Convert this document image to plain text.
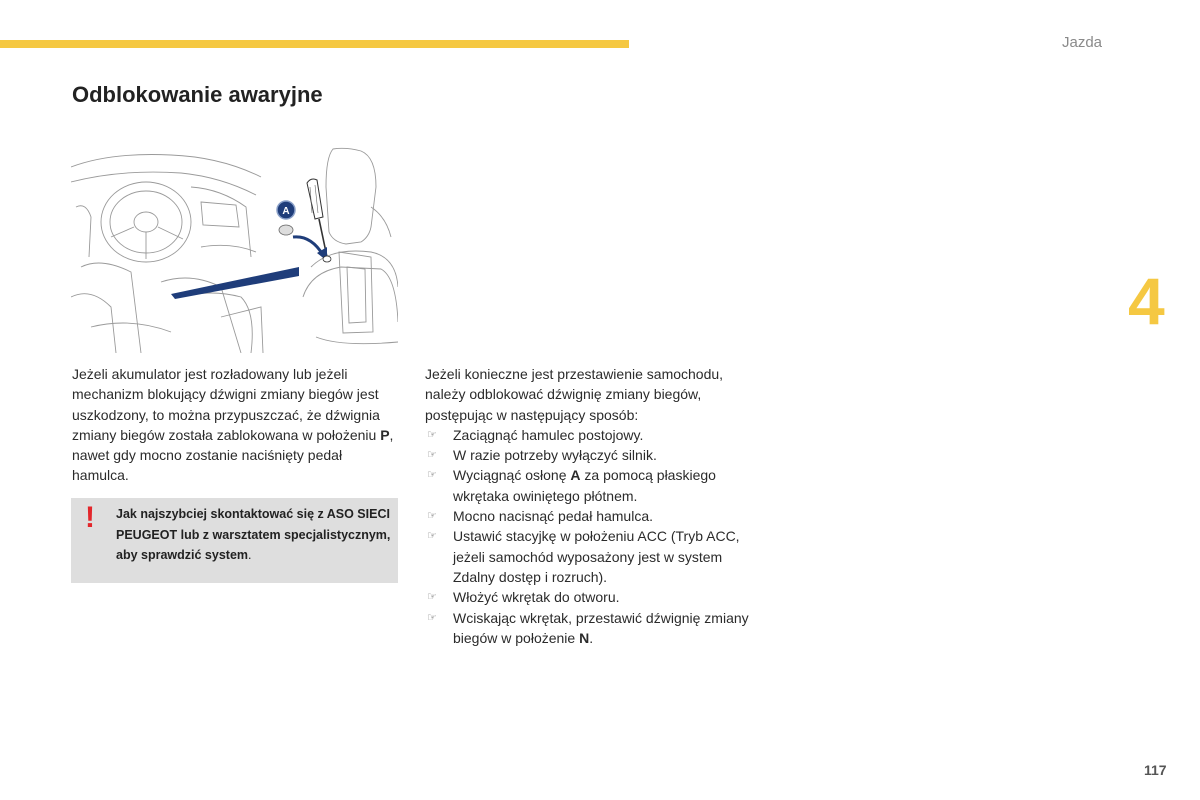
Jazda
4
Odblokowanie awaryjne
A

Jeżeli akumulator jest rozładowany lub jeżeli mechanizm blokujący dźwigni zmiany biegów jest uszkodzony, to można przypuszczać, że dźwignia zmiany biegów została zablokowana w położeniu P, nawet gdy mocno zostanie naciśnięty pedał hamulca.

! Jak najszybciej skontaktować się z ASO SIECI PEUGEOT lub z warsztatem specjalistycznym, aby sprawdzić system.

Jeżeli konieczne jest przestawienie samochodu, należy odblokować dźwignię zmiany biegów, postępując w następujący sposób:

☞ Zaciągnąć hamulec postojowy.
☞ W razie potrzeby wyłączyć silnik.
☞ Wyciągnąć osłonę A za pomocą płaskiego wkrętaka owiniętego płótnem.
☞ Mocno nacisnąć pedał hamulca.
☞ Ustawić stacyjkę w położeniu ACC (Tryb ACC, jeżeli samochód wyposażony jest w system Zdalny dostęp i rozruch).
☞ Włożyć wkrętak do otworu.
☞ Wciskając wkrętak, przestawić dźwignię zmiany biegów w położenie N.
117
